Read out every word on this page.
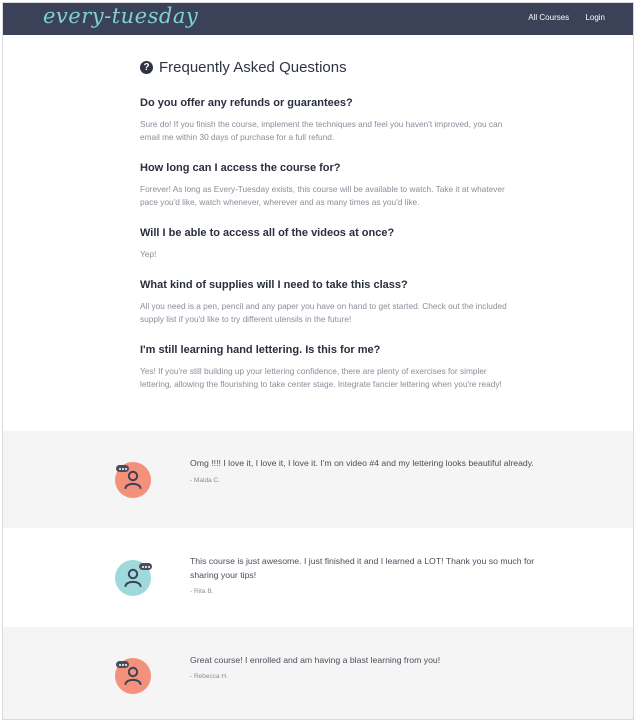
every-tuesday	All Courses Login
? Frequently Asked Questions

Do you offer any refunds or guarantees?

Sure do! If you finish the course, implement the techniques and feel you haven't improved, you can email me within 30 days of purchase for a full refund.

How long can I access the course for?

Forever! As long as Every-Tuesday exists, this course will be available to watch. Take it at whatever pace you'd like, watch whenever, wherever and as many times as you'd like.

Will I be able to access all of the videos at once?

Yep!

What kind of supplies will I need to take this class?

All you need is a pen, pencil and any paper you have on hand to get started. Check out the included supply list if you'd like to try different utensils in the future!

I'm still learning hand lettering. Is this for me?

Yes! If you're still building up your lettering confidence, there are plenty of exercises for simpler lettering, allowing the flourishing to take center stage. Integrate fancier lettering when you're ready!

Omg !!!! I love it, I love it, I love it. I'm on video #4 and my lettering looks beautiful already.
- Maida C.
This course is just awesome. I just finished it and I learned a LOT! Thank you so much for sharing your tips!
- Rita B.
Great course! I enrolled and am having a blast learning from you!
- Rebecca H.
